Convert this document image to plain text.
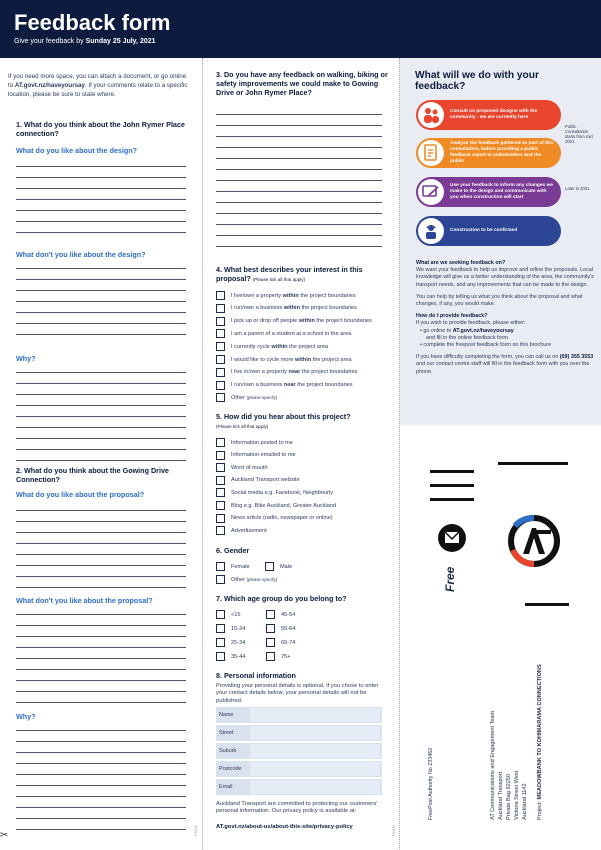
Feedback form
Give your feedback by Sunday 25 July, 2021
FOLD	FOLD
✂
If you need more space, you can attach a document, or go online to AT.govt.nz/haveyoursay. If your comments relate to a specific location, please be sure to state where.
1. What do you think about the John Rymer Place connection?
What do you like about the design?
What don't you like about the design?
Why?
2. What do you think about the Gowing Drive Connection?
What do you like about the proposal?
What don't you like about the proposal?
Why?
3. Do you have any feedback on walking, biking or safety improvements we could make to Gowing Drive or John Rymer Place?
4. What best describes your interest in this proposal? (Please tick all that apply)
I live/own a property within the project boundaries
I run/own a business within the project boundaries
I pick up or drop off people within the project boundaries
I am a parent of a student at a school in the area
I currently cycle within the project area
I would like to cycle more within the project area
I live in/own a property near the project boundaries
I run/own a business near the project boundaries
Other
(please specify)
5. How did you hear about this project?
(Please tick all that apply)
Information posted to me
Information emailed to me
Word of mouth
Auckland Transport website
Social media e.g. Facebook, Neighbourly
Blog e.g. Bike Auckland, Greater Auckland
News article (radio, newspaper or online)
Advertisement
6. Gender
Female	Male
Other
(please specify)
7. Which age group do you belong to?
<15
15-24
25-34
35-44
45-54
55-64
65-74
75+
8. Personal information
Providing your personal details is optional, if you chose to enter your contact details below, your personal details will not be published.
Name
Street
Suburb
Postcode
Email
Auckland Transport are committed to protecting our customers' personal information. Our privacy policy is available at:
AT.govt.nz/about-us/about-this-site/privacy-policy
What will we do with your feedback?
Consult on proposed designs with the community - we are currently here
Public Consultation starts from mid 2021
Analyse the feedback gathered as part of this consultation, before providing a public feedback report to stakeholders and the public
Use your feedback to inform any changes we make to the design and communicate with you when construction will start
Later in 2021
Construction to be confirmed
What are we seeking feedback on?
We want your feedback to help us improve and refine the proposals. Local knowledge will give us a better understanding of the area, the community's transport needs, and any improvements that can be made to the design.
You can help by telling us what you think about the proposal and what changes, if any, you would make.
How do I provide feedback?
If you wish to provide feedback, please either:
• go online to AT.govt.nz/haveyoursay
and fill in the online feedback form
• complete the freepost feedback form on this brochure
If you have difficulty completing the form, you can call us on (09) 355 3553 and our contact centre staff will fill in the feedback form with you over the phone.
Free
FreePost Authority No 233462	AT Communications and Engagement Team Auckland Transport Private Bag 92250 Victoria Street West Auckland 1142 Project: MEADOWBANK TO KOHIMARAMA CONNECTIONS
